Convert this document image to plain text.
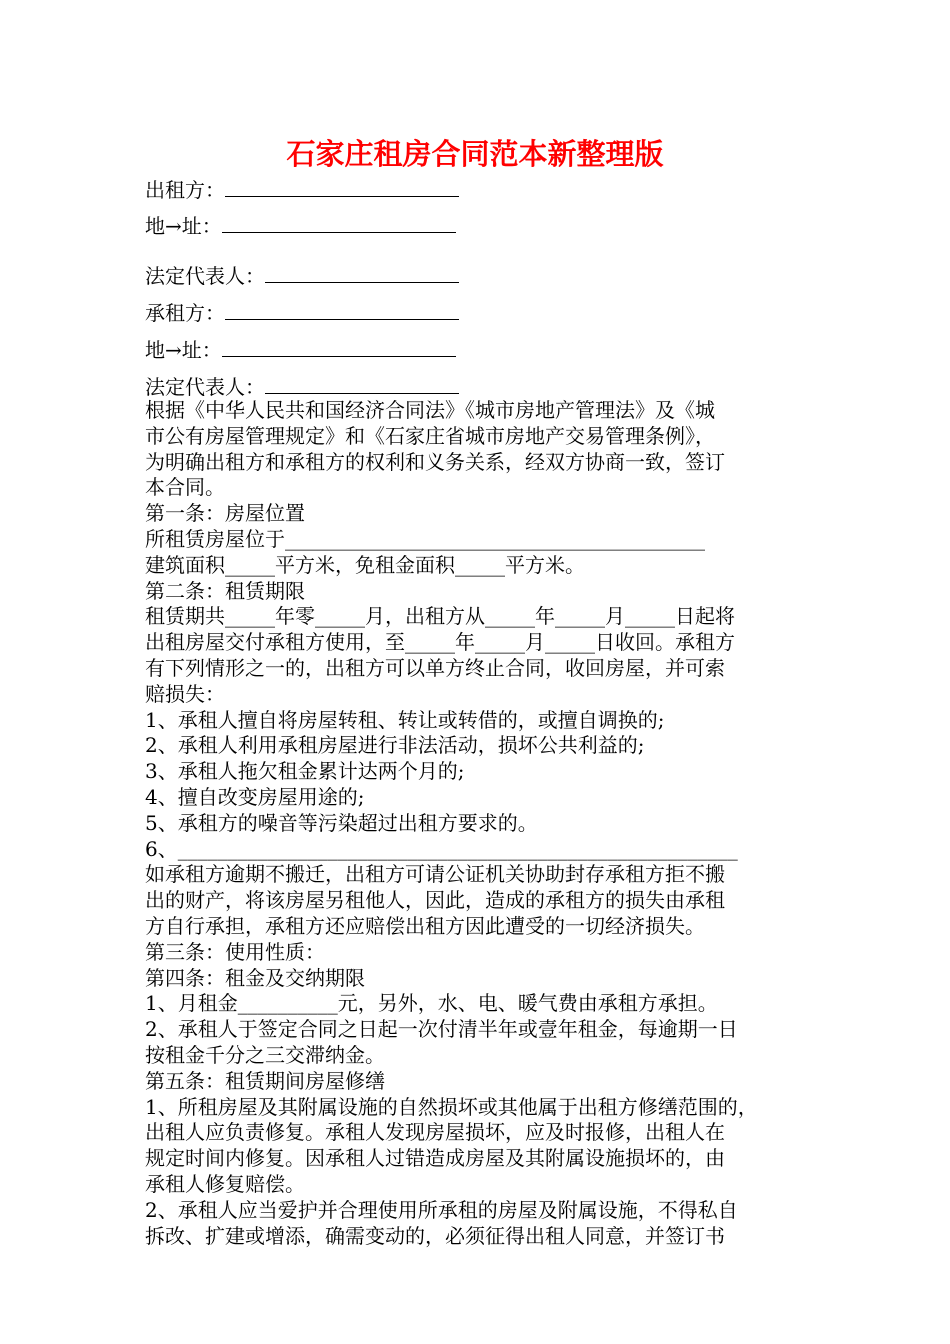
石家庄租房合同范本新整理版
出租方：
地→址：
法定代表人：
承租方：
地→址：
法定代表人：

根据《中华人民共和国经济合同法》《城市房地产管理法》及《城

市公有房屋管理规定》和《石家庄省城市房地产交易管理条例》，

为明确出租方和承租方的权利和义务关系，经双方协商一致，签订

本合同。

第一条：房屋位置

所租赁房屋位于__________________________________________

建筑面积_____平方米，免租金面积_____平方米。

第二条：租赁期限

租赁期共_____年零_____月，出租方从_____年_____月_____日起将

出租房屋交付承租方使用，至_____年_____月_____日收回。承租方

有下列情形之一的，出租方可以单方终止合同，收回房屋，并可索

赔损失：

1、承租人擅自将房屋转租、转让或转借的，或擅自调换的;

2、承租人利用承租房屋进行非法活动，损坏公共利益的;

3、承租人拖欠租金累计达两个月的;

4、擅自改变房屋用途的;

5、承租方的噪音等污染超过出租方要求的。

6、________________________________________________________

如承租方逾期不搬迁，出租方可请公证机关协助封存承租方拒不搬

出的财产，将该房屋另租他人，因此，造成的承租方的损失由承租

方自行承担，承租方还应赔偿出租方因此遭受的一切经济损失。

第三条：使用性质：

第四条：租金及交纳期限

1、月租金__________元，另外，水、电、暖气费由承租方承担。

2、承租人于签定合同之日起一次付清半年或壹年租金，每逾期一日

按租金千分之三交滞纳金。

第五条：租赁期间房屋修缮

1、所租房屋及其附属设施的自然损坏或其他属于出租方修缮范围的，

出租人应负责修复。承租人发现房屋损坏，应及时报修，出租人在

规定时间内修复。因承租人过错造成房屋及其附属设施损坏的，由

承租人修复赔偿。

2、承租人应当爱护并合理使用所承租的房屋及附属设施，不得私自

拆改、扩建或增添，确需变动的，必须征得出租人同意，并签订书
